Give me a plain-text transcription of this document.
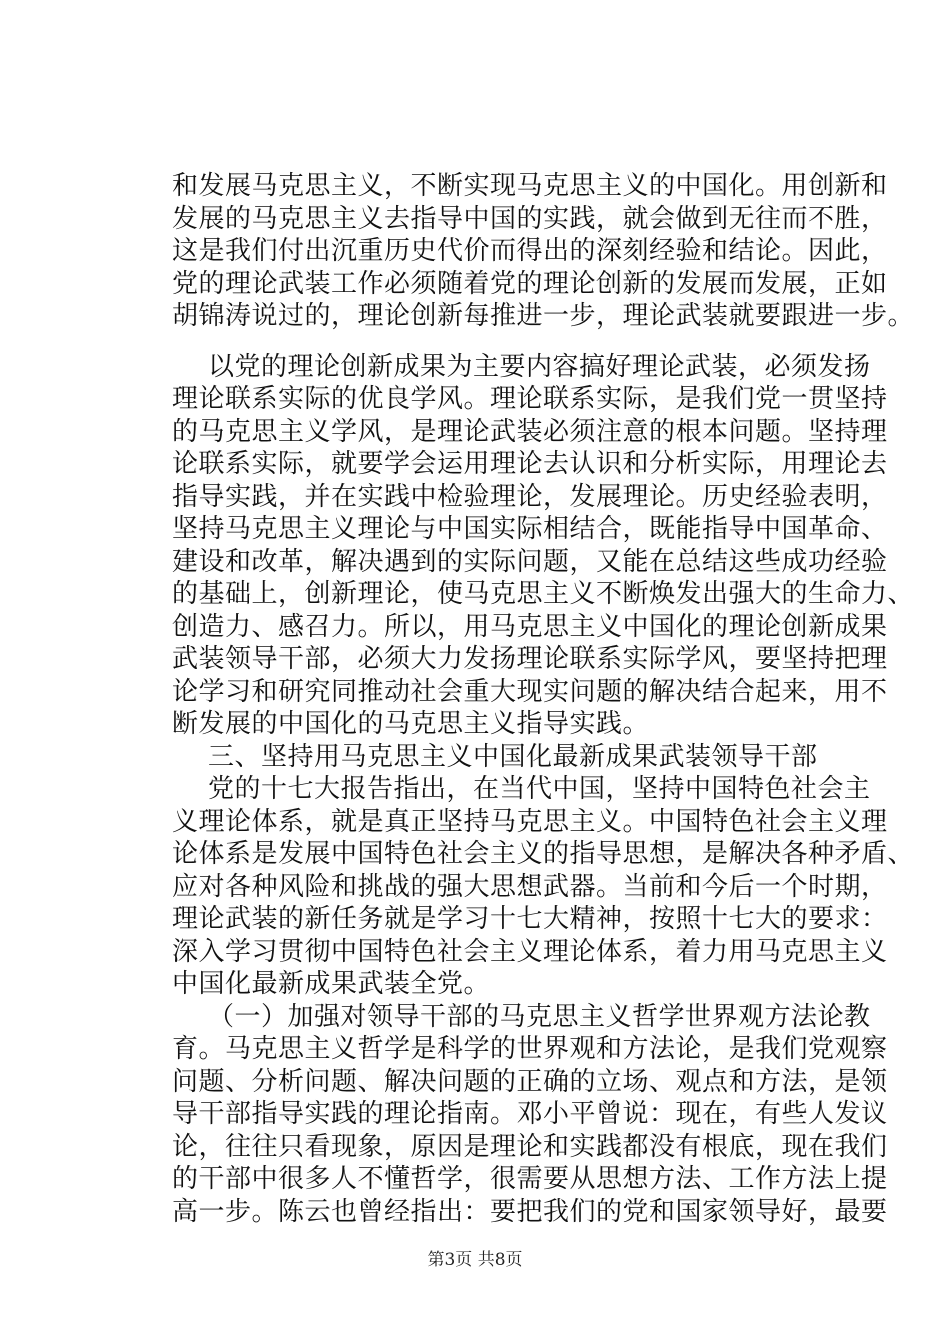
和发展马克思主义，不断实现马克思主义的中国化。用创新和
发展的马克思主义去指导中国的实践，就会做到无往而不胜，
这是我们付出沉重历史代价而得出的深刻经验和结论。因此，
党的理论武装工作必须随着党的理论创新的发展而发展，正如
胡锦涛说过的，理论创新每推进一步，理论武装就要跟进一步。
以党的理论创新成果为主要内容搞好理论武装，必须发扬
理论联系实际的优良学风。理论联系实际，是我们党一贯坚持
的马克思主义学风，是理论武装必须注意的根本问题。坚持理
论联系实际，就要学会运用理论去认识和分析实际，用理论去
指导实践，并在实践中检验理论，发展理论。历史经验表明，
坚持马克思主义理论与中国实际相结合，既能指导中国革命、
建设和改革，解决遇到的实际问题，又能在总结这些成功经验
的基础上，创新理论，使马克思主义不断焕发出强大的生命力、
创造力、感召力。所以，用马克思主义中国化的理论创新成果
武装领导干部，必须大力发扬理论联系实际学风，要坚持把理
论学习和研究同推动社会重大现实问题的解决结合起来，用不
断发展的中国化的马克思主义指导实践。
三、坚持用马克思主义中国化最新成果武装领导干部
党的十七大报告指出，在当代中国，坚持中国特色社会主
义理论体系，就是真正坚持马克思主义。中国特色社会主义理
论体系是发展中国特色社会主义的指导思想，是解决各种矛盾、
应对各种风险和挑战的强大思想武器。当前和今后一个时期，
理论武装的新任务就是学习十七大精神，按照十七大的要求：
深入学习贯彻中国特色社会主义理论体系，着力用马克思主义
中国化最新成果武装全党。
（一）加强对领导干部的马克思主义哲学世界观方法论教
育。马克思主义哲学是科学的世界观和方法论，是我们党观察
问题、分析问题、解决问题的正确的立场、观点和方法，是领
导干部指导实践的理论指南。邓小平曾说：现在，有些人发议
论，往往只看现象，原因是理论和实践都没有根底，现在我们
的干部中很多人不懂哲学，很需要从思想方法、工作方法上提
高一步。陈云也曾经指出：要把我们的党和国家领导好，最要
第3页 共8页
